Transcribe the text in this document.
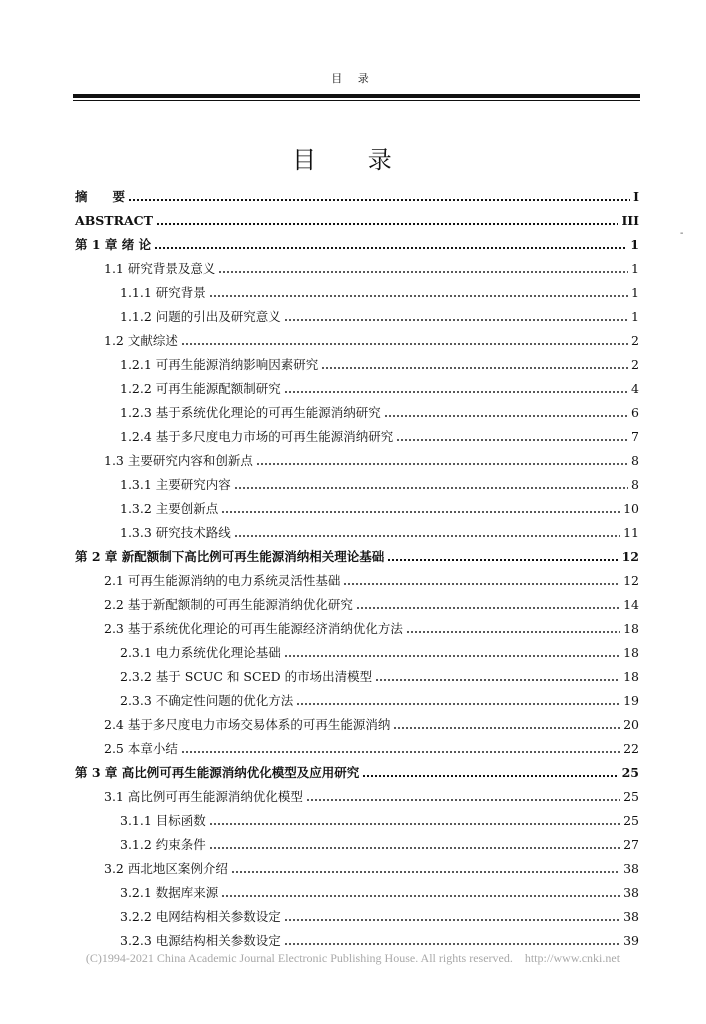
目 录
目 录
摘　　要	I
ABSTRACT	III
第 1 章 绪 论	1
1.1 研究背景及意义	1
1.1.1 研究背景	1
1.1.2 问题的引出及研究意义	1
1.2 文献综述	2
1.2.1 可再生能源消纳影响因素研究	2
1.2.2 可再生能源配额制研究	4
1.2.3 基于系统优化理论的可再生能源消纳研究	6
1.2.4 基于多尺度电力市场的可再生能源消纳研究	7
1.3 主要研究内容和创新点	8
1.3.1 主要研究内容	8
1.3.2 主要创新点	10
1.3.3 研究技术路线	11
第 2 章 新配额制下高比例可再生能源消纳相关理论基础	12
2.1 可再生能源消纳的电力系统灵活性基础	12
2.2 基于新配额制的可再生能源消纳优化研究	14
2.3 基于系统优化理论的可再生能源经济消纳优化方法	18
2.3.1 电力系统优化理论基础	18
2.3.2 基于 SCUC 和 SCED 的市场出清模型	18
2.3.3 不确定性问题的优化方法	19
2.4 基于多尺度电力市场交易体系的可再生能源消纳	20
2.5 本章小结	22
第 3 章 高比例可再生能源消纳优化模型及应用研究	25
3.1 高比例可再生能源消纳优化模型	25
3.1.1 目标函数	25
3.1.2 约束条件	27
3.2 西北地区案例介绍	38
3.2.1 数据库来源	38
3.2.2 电网结构相关参数设定	38
3.2.3 电源结构相关参数设定	39
-
(C)1994-2021 China Academic Journal Electronic Publishing House. All rights reserved.    http://www.cnki.net
